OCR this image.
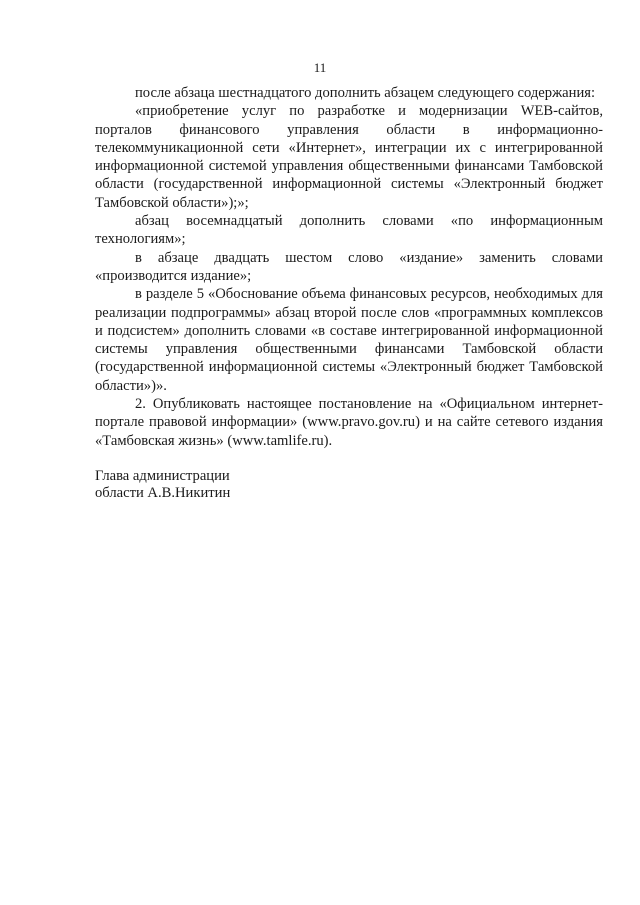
11

после абзаца шестнадцатого дополнить абзацем следующего содержания:

«приобретение услуг по разработке и модернизации WEB-сайтов, порталов финансового управления области в информационно-телекоммуникационной сети «Интернет», интеграции их с интегрированной информационной системой управления общественными финансами Тамбовской области (государственной информационной системы «Электронный бюджет Тамбовской области»);»;

абзац восемнадцатый дополнить словами «по информационным технологиям»;

в абзаце двадцать шестом слово «издание» заменить словами «производится издание»;

в разделе 5 «Обоснование объема финансовых ресурсов, необходимых для реализации подпрограммы» абзац второй после слов «программных комплексов и подсистем» дополнить словами «в составе интегрированной информационной системы управления общественными финансами Тамбовской области (государственной информационной системы «Электронный бюджет Тамбовской области»)».

2. Опубликовать настоящее постановление на «Официальном интернет-портале правовой информации» (www.pravo.gov.ru) и на сайте сетевого издания «Тамбовская жизнь» (www.tamlife.ru).

Глава администрации
области А.В.Никитин
